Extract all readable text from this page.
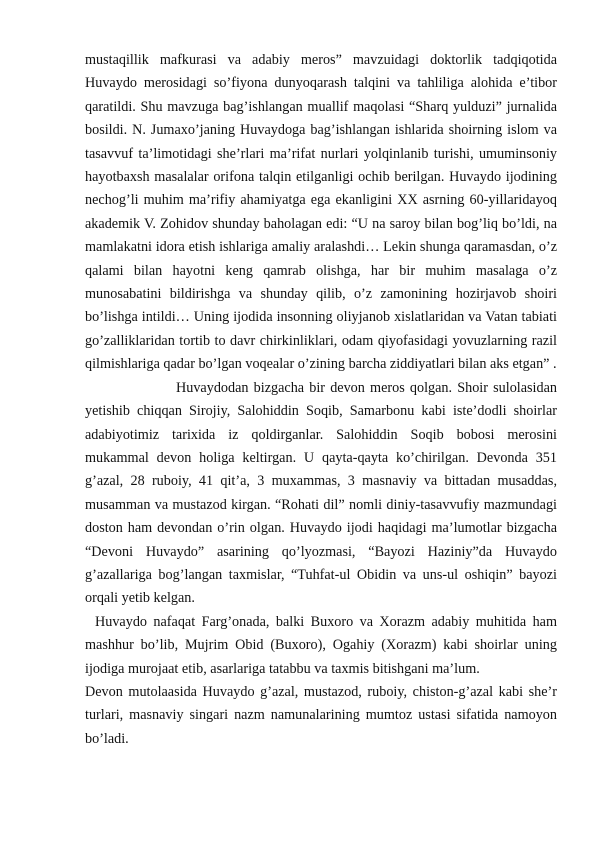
mustaqillik mafkurasi va adabiy meros” mavzuidagi doktorlik tadqiqotida Huvaydo merosidagi so’fiyona dunyoqarash talqini va tahliliga alohida e’tibor qaratildi. Shu mavzuga bag’ishlangan muallif maqolasi “Sharq yulduzi” jurnalida bosildi. N. Jumaxo’janing Huvaydoga bag’ishlangan ishlarida shoirning islom va tasavvuf ta’limotidagi she’rlari ma’rifat nurlari yolqinlanib turishi, umuminsoniy hayotbaxsh masalalar orifona talqin etilganligi ochib berilgan. Huvaydo ijodining nechog’li muhim ma’rifiy ahamiyatga ega ekanligini XX asrning 60-yillaridayoq akademik V. Zohidov shunday baholagan edi: “U na saroy bilan bog’liq bo’ldi, na mamlakatni idora etish ishlariga amaliy aralashdi… Lekin shunga qaramasdan, o’z qalami bilan hayotni keng qamrab olishga, har bir muhim masalaga o’z munosabatini bildirishga va shunday qilib, o’z zamonining hozirjavob shoiri bo’lishga intildi… Uning ijodida insonning oliyjanob xislatlaridan va Vatan tabiati go’zalliklaridan tortib to davr chirkinliklari, odam qiyofasidagi yovuzlarning razil qilmishlariga qadar bo’lgan voqealar o’zining barcha ziddiyatlari bilan aks etgan” .

Huvaydodan bizgacha bir devon meros qolgan. Shoir sulolasidan yetishib chiqqan Sirojiy, Salohiddin Soqib, Samarbonu kabi iste’dodli shoirlar adabiyotimiz tarixida iz qoldirganlar. Salohiddin Soqib bobosi merosini mukammal devon holiga keltirgan. U qayta-qayta ko’chirilgan. Devonda 351 g’azal, 28 ruboiy, 41 qit’a, 3 muxammas, 3 masnaviy va bittadan musaddas, musamman va mustazod kirgan. “Rohati dil” nomli diniy-tasavvufiy mazmundagi doston ham devondan o’rin olgan. Huvaydo ijodi haqidagi ma’lumotlar bizgacha “Devoni Huvaydo” asarining qo’lyozmasi, “Bayozi Haziniy”da Huvaydo g’azallariga bog’langan taxmislar, “Tuhfat-ul Obidin va uns-ul oshiqin” bayozi orqali yetib kelgan.

Huvaydo nafaqat Farg’onada, balki Buxoro va Xorazm adabiy muhitida ham mashhur bo’lib, Mujrim Obid (Buxoro), Ogahiy (Xorazm) kabi shoirlar uning ijodiga murojaat etib, asarlariga tatabbu va taxmis bitishgani ma’lum.

Devon mutolaasida Huvaydo g’azal, mustazod, ruboiy, chiston-g’azal kabi she’r turlari, masnaviy singari nazm namunalarining mumtoz ustasi sifatida namoyon bo’ladi.
